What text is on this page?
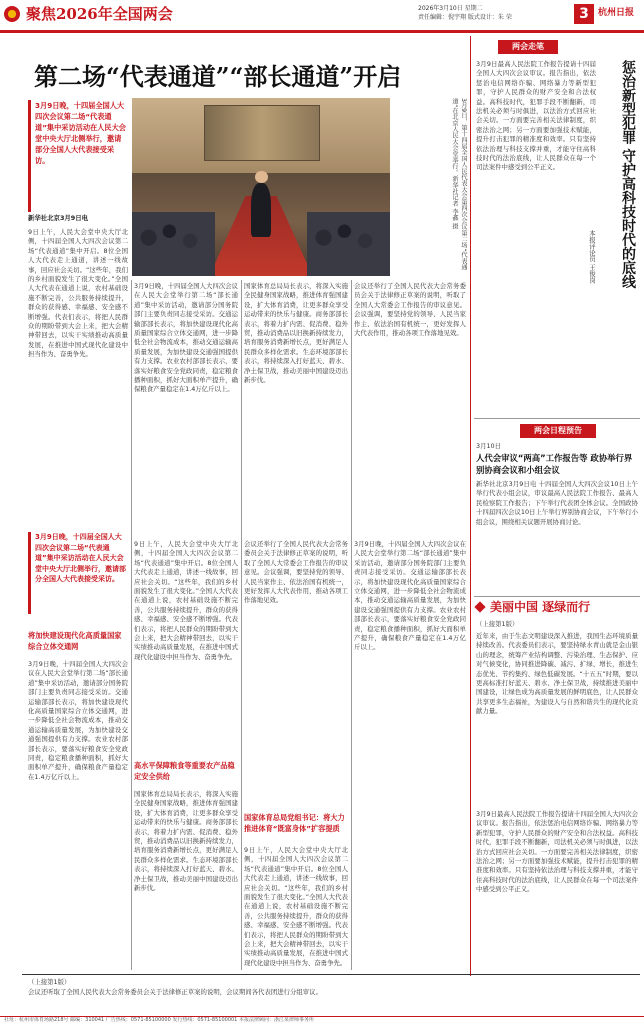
聚焦2026年全国两会	2026年3月10日 星期二
责任编辑：倪宇翔 版式设计：朱 荣	3	杭州日报
第二场“代表通道”“部长通道”开启
3月9日晚，十四届全国人大四次会议第二场“代表通道”集中采访活动在人民大会堂中央大厅北侧举行，邀请部分全国人大代表接受采访。
新华社北京3月9日电	3月9日，第十四届全国人民代表大会第四次会议第二场“代表通道”在北京人民大会堂举行。新华社记者 李鑫 摄
9日上午，人民大会堂中央大厅北侧，十四届全国人大四次会议第二场“代表通道”集中开启。8位全国人大代表走上通道，讲述一线故事，回应社会关切。“这些年，我们的乡村面貌发生了很大变化。”全国人大代表在通道上说，农村基础设施不断完善，公共服务持续提升，群众的获得感、幸福感、安全感不断增强。代表们表示，将把人民群众的期盼带到大会上来，把大会精神带回去，以实干实绩推动高质量发展，在推进中国式现代化建设中担当作为、奋勇争先。
3月9日晚，十四届全国人大四次会议在人民大会堂举行第二场“部长通道”集中采访活动，邀请部分国务院部门主要负责同志接受采访。交通运输部部长表示，将加快建设现代化高质量国家综合立体交通网，进一步降低全社会物流成本，推动交通运输高质量发展，为加快建设交通强国提供有力支撑。农业农村部部长表示，要落实好粮食安全党政同责，稳定粮食播种面积，抓好大面积单产提升，确保粮食产量稳定在1.4万亿斤以上。
国家体育总局局长表示，将深入实施全民健身国家战略，推进体育强国建设，扩大体育消费，让更多群众享受运动带来的快乐与健康。商务部部长表示，将着力扩内需、促消费、稳外贸，推动消费品以旧换新持续发力，培育服务消费新增长点，更好满足人民群众多样化需求。生态环境部部长表示，将持续深入打好蓝天、碧水、净土保卫战，推动美丽中国建设迈出新步伐。
会议还举行了全国人民代表大会常务委员会关于法律修正草案的说明，听取了全国人大常委会工作报告的审议意见。会议强调，要坚持党的领导、人民当家作主、依法治国有机统一，更好发挥人大代表作用，推动各项工作落地见效。
3月9日晚，十四届全国人大四次会议第二场“代表通道”集中采访活动在人民大会堂中央大厅北侧举行，邀请部分全国人大代表接受采访。
将加快建设现代化高质量国家综合立体交通网
3月9日晚，十四届全国人大四次会议在人民大会堂举行第二场“部长通道”集中采访活动，邀请部分国务院部门主要负责同志接受采访。交通运输部部长表示，将加快建设现代化高质量国家综合立体交通网，进一步降低全社会物流成本，推动交通运输高质量发展，为加快建设交通强国提供有力支撑。农业农村部部长表示，要落实好粮食安全党政同责，稳定粮食播种面积，抓好大面积单产提升，确保粮食产量稳定在1.4万亿斤以上。
9日上午，人民大会堂中央大厅北侧，十四届全国人大四次会议第二场“代表通道”集中开启。8位全国人大代表走上通道，讲述一线故事，回应社会关切。“这些年，我们的乡村面貌发生了很大变化。”全国人大代表在通道上说，农村基础设施不断完善，公共服务持续提升，群众的获得感、幸福感、安全感不断增强。代表们表示，将把人民群众的期盼带到大会上来，把大会精神带回去，以实干实绩推动高质量发展，在推进中国式现代化建设中担当作为、奋勇争先。
高水平保障粮食等重要农产品稳定安全供给
国家体育总局局长表示，将深入实施全民健身国家战略，推进体育强国建设，扩大体育消费，让更多群众享受运动带来的快乐与健康。商务部部长表示，将着力扩内需、促消费、稳外贸，推动消费品以旧换新持续发力，培育服务消费新增长点，更好满足人民群众多样化需求。生态环境部部长表示，将持续深入打好蓝天、碧水、净土保卫战，推动美丽中国建设迈出新步伐。
会议还举行了全国人民代表大会常务委员会关于法律修正草案的说明，听取了全国人大常委会工作报告的审议意见。会议强调，要坚持党的领导、人民当家作主、依法治国有机统一，更好发挥人大代表作用，推动各项工作落地见效。
国家体育总局党组书记：将大力推进体育“既富身体”扩容提质
9日上午，人民大会堂中央大厅北侧，十四届全国人大四次会议第二场“代表通道”集中开启。8位全国人大代表走上通道，讲述一线故事，回应社会关切。“这些年，我们的乡村面貌发生了很大变化。”全国人大代表在通道上说，农村基础设施不断完善，公共服务持续提升，群众的获得感、幸福感、安全感不断增强。代表们表示，将把人民群众的期盼带到大会上来，把大会精神带回去，以实干实绩推动高质量发展，在推进中国式现代化建设中担当作为、奋勇争先。
3月9日晚，十四届全国人大四次会议在人民大会堂举行第二场“部长通道”集中采访活动，邀请部分国务院部门主要负责同志接受采访。交通运输部部长表示，将加快建设现代化高质量国家综合立体交通网，进一步降低全社会物流成本，推动交通运输高质量发展，为加快建设交通强国提供有力支撑。农业农村部部长表示，要落实好粮食安全党政同责，稳定粮食播种面积，抓好大面积单产提升，确保粮食产量稳定在1.4万亿斤以上。
两会走笔
惩治新型犯罪 守护高科技时代的底线
本报评论员 王俊岗
3月9日最高人民法院工作报告提请十四届全国人大四次会议审议。报告指出，依法惩治电信网络诈骗、网络暴力等新型犯罪，守护人民群众的财产安全和合法权益。高科技时代，犯罪手段不断翻新，司法机关必须与时俱进，以法治方式回应社会关切。一方面要完善相关法律制度，织密法治之网；另一方面要加强技术赋能，提升打击犯罪的精准度和效率。只有坚持依法治理与科技支撑并重，才能守住高科技时代的法治底线，让人民群众在每一个司法案件中感受到公平正义。
两会日程预告
3月10日
人代会审议“两高”工作报告等 政协举行界别协商会议和小组会议
新华社北京3月9日电 十四届全国人大四次会议10日上午举行代表小组会议，审议最高人民法院工作报告、最高人民检察院工作报告；下午举行代表团全体会议。全国政协十四届四次会议10日上午举行界别协商会议，下午举行小组会议，围绕相关议题开展协商讨论。
美丽中国 逐绿而行
（上接第1版）
近年来，由于生态文明建设深入推进，我国生态环境质量持续改善。代表委员们表示，要坚持绿水青山就是金山银山的理念，统筹产业结构调整、污染治理、生态保护、应对气候变化，协同推进降碳、减污、扩绿、增长，推进生态优先、节约集约、绿色低碳发展。“十五五”时期，要以更高标准打好蓝天、碧水、净土保卫战，持续推进美丽中国建设，让绿色成为高质量发展的鲜明底色，让人民群众共享更多生态福祉，为建设人与自然和谐共生的现代化贡献力量。
3月9日最高人民法院工作报告提请十四届全国人大四次会议审议。报告指出，依法惩治电信网络诈骗、网络暴力等新型犯罪，守护人民群众的财产安全和合法权益。高科技时代，犯罪手段不断翻新，司法机关必须与时俱进，以法治方式回应社会关切。一方面要完善相关法律制度，织密法治之网；另一方面要加强技术赋能，提升打击犯罪的精准度和效率。只有坚持依法治理与科技支撑并重，才能守住高科技时代的法治底线，让人民群众在每一个司法案件中感受到公平正义。
（上接第1版）
会议还听取了全国人民代表大会常务委员会关于法律修正草案的说明，会议期间各代表团进行分组审议。
社址：杭州市体育场路218号 邮编：310041 广告热线：0571-85100000 发行热线：0571-85100001 本报法律顾问：浙江某律师事务所
